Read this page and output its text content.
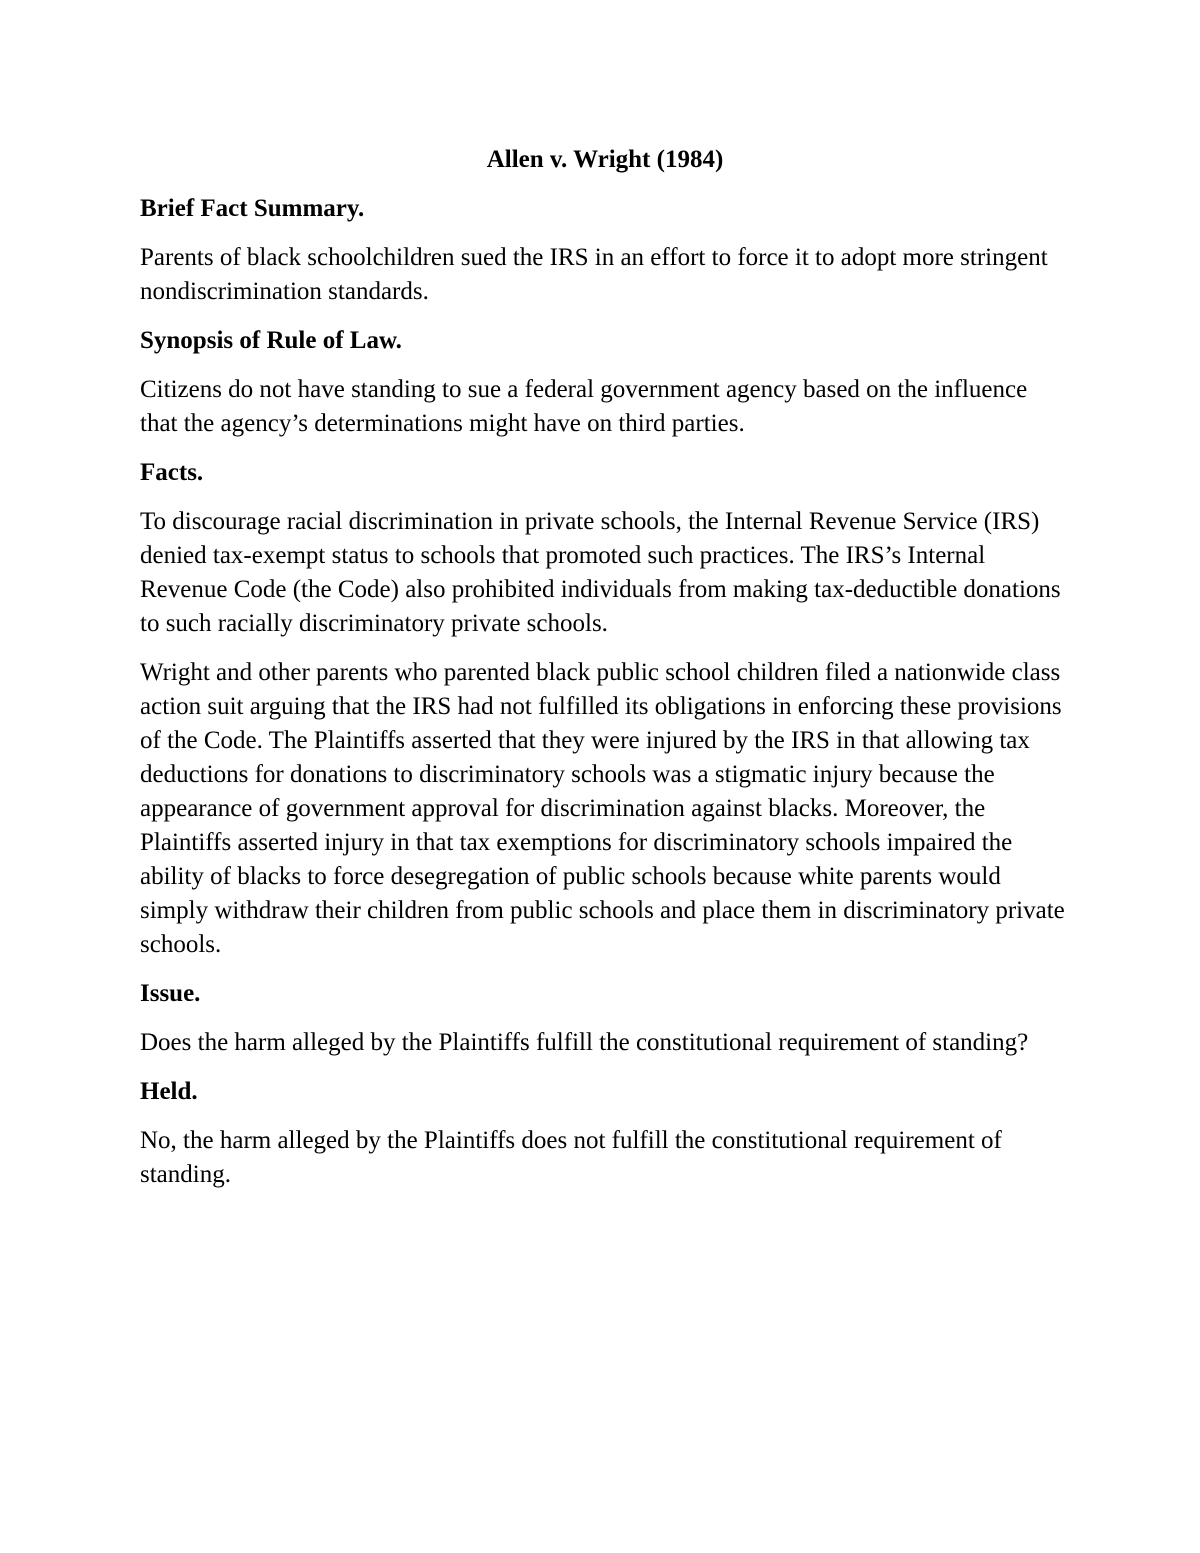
Allen v. Wright (1984)

Brief Fact Summary.

Parents of black schoolchildren sued the IRS in an effort to force it to adopt more stringent nondiscrimination standards.

Synopsis of Rule of Law.

Citizens do not have standing to sue a federal government agency based on the influence that the agency’s determinations might have on third parties.

Facts.

To discourage racial discrimination in private schools, the Internal Revenue Service (IRS) denied tax-exempt status to schools that promoted such practices. The IRS’s Internal Revenue Code (the Code) also prohibited individuals from making tax-deductible donations to such racially discriminatory private schools.

Wright and other parents who parented black public school children filed a nationwide class action suit arguing that the IRS had not fulfilled its obligations in enforcing these provisions of the Code. The Plaintiffs asserted that they were injured by the IRS in that allowing tax deductions for donations to discriminatory schools was a stigmatic injury because the appearance of government approval for discrimination against blacks. Moreover, the Plaintiffs asserted injury in that tax exemptions for discriminatory schools impaired the ability of blacks to force desegregation of public schools because white parents would simply withdraw their children from public schools and place them in discriminatory private schools.

Issue.

Does the harm alleged by the Plaintiffs fulfill the constitutional requirement of standing?

Held.

No, the harm alleged by the Plaintiffs does not fulfill the constitutional requirement of standing.
